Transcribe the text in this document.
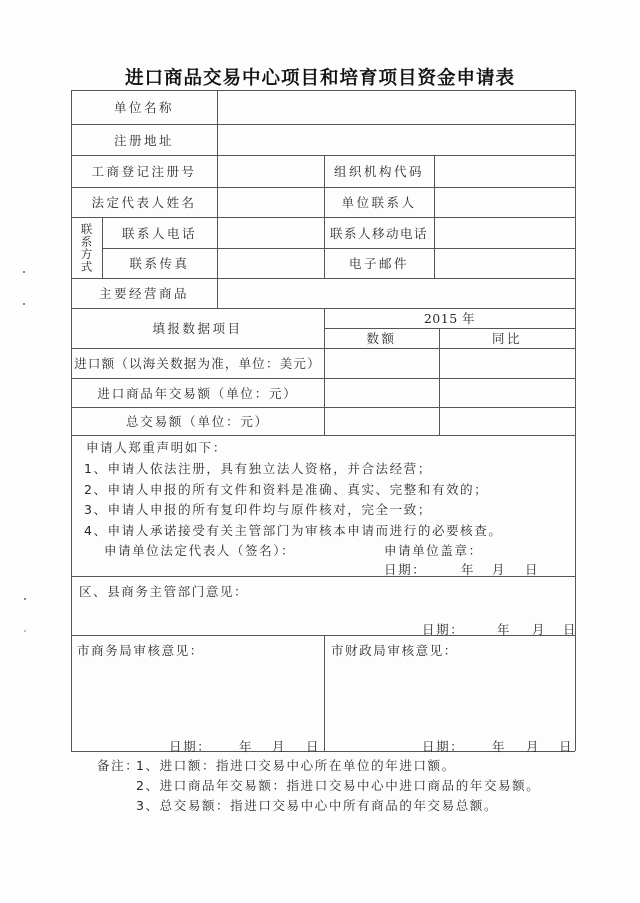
进口商品交易中心项目和培育项目资金申请表
单位名称
注册地址
工商登记注册号	组织机构代码
法定代表人姓名	单位联系人
联系方式	联系人电话	联系人移动电话
联系传真	电子邮件
主要经营商品
填报数据项目
2015 年
数额	同比
进口额（以海关数据为准，单位：美元）
进口商品年交易额（单位：元）
总交易额（单位：元）
申请人郑重声明如下：
1、申请人依法注册，具有独立法人资格，并合法经营；
2、申请人申报的所有文件和资料是准确、真实、完整和有效的；
3、申请人申报的所有复印件均与原件核对，完全一致；
4、申请人承诺接受有关主管部门为审核本申请而进行的必要核查。
申请单位法定代表人（签名）：	申请单位盖章：
日期：	年 月 日
区、县商务主管部门意见：
日期：	年 月 日
市商务局审核意见：
日期： 年 月 日
市财政局审核意见：
日期： 年 月 日
备注：
1、进口额：指进口交易中心所在单位的年进口额。
2、进口商品年交易额：指进口交易中心中进口商品的年交易额。
3、总交易额：指进口交易中心中所有商品的年交易总额。
